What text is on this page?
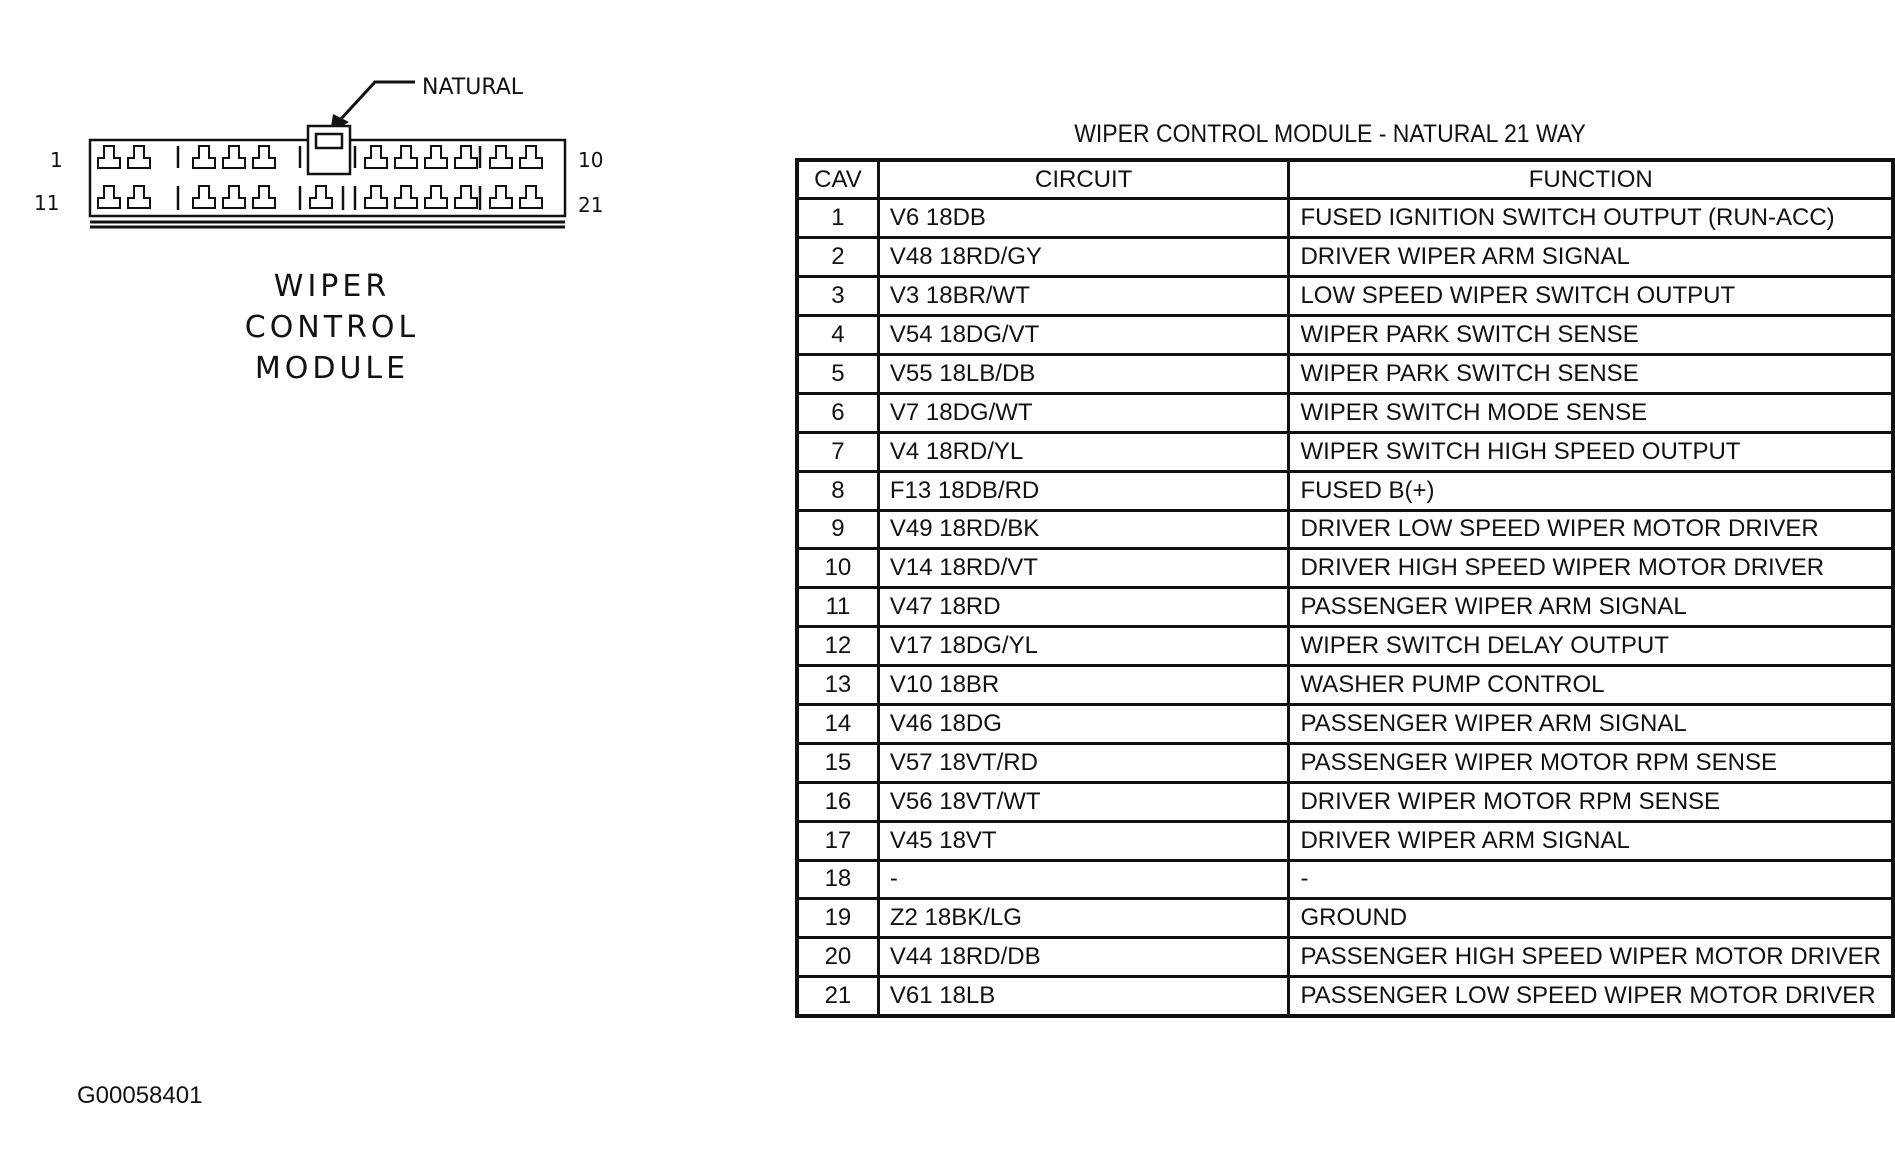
NATURAL
1	10
11	21
WIPER
CONTROL
MODULE
WIPER CONTROL MODULE - NATURAL 21 WAY
CAV	CIRCUIT	FUNCTION
1	V6 18DB	FUSED IGNITION SWITCH OUTPUT (RUN-ACC)
2	V48 18RD/GY	DRIVER WIPER ARM SIGNAL
3	V3 18BR/WT	LOW SPEED WIPER SWITCH OUTPUT
4	V54 18DG/VT	WIPER PARK SWITCH SENSE
5	V55 18LB/DB	WIPER PARK SWITCH SENSE
6	V7 18DG/WT	WIPER SWITCH MODE SENSE
7	V4 18RD/YL	WIPER SWITCH HIGH SPEED OUTPUT
8	F13 18DB/RD	FUSED B(+)
9	V49 18RD/BK	DRIVER LOW SPEED WIPER MOTOR DRIVER
10	V14 18RD/VT	DRIVER HIGH SPEED WIPER MOTOR DRIVER
11	V47 18RD	PASSENGER WIPER ARM SIGNAL
12	V17 18DG/YL	WIPER SWITCH DELAY OUTPUT
13	V10 18BR	WASHER PUMP CONTROL
14	V46 18DG	PASSENGER WIPER ARM SIGNAL
15	V57 18VT/RD	PASSENGER WIPER MOTOR RPM SENSE
16	V56 18VT/WT	DRIVER WIPER MOTOR RPM SENSE
17	V45 18VT	DRIVER WIPER ARM SIGNAL
18	-	-
19	Z2 18BK/LG	GROUND
20	V44 18RD/DB	PASSENGER HIGH SPEED WIPER MOTOR DRIVER
21	V61 18LB	PASSENGER LOW SPEED WIPER MOTOR DRIVER
G00058401
